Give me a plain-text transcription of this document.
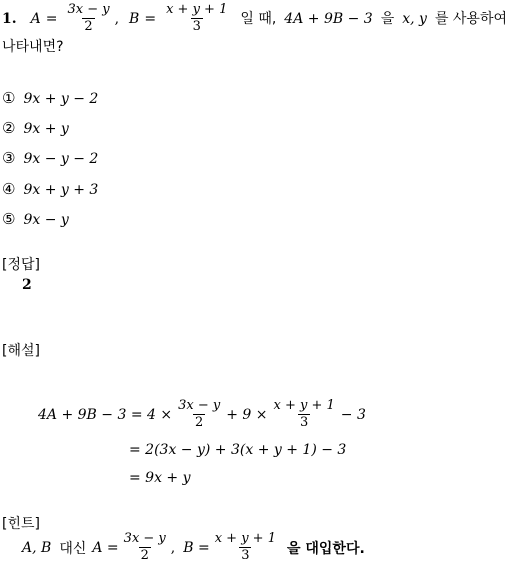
1. $A = \frac{3x - y}{2}$ , $B = \frac{x + y + 1}{3}$ 일 때, 4A + 9B − 3 을 x, y 를 사용하여
나타내면?
① 9x + y − 2
② 9x + y
③ 9x − y − 2
④ 9x + y + 3
⑤ 9x − y
[정답]
2
[해설]
$4A + 9B - 3 = 4 \times \frac{3x - y}{2} + 9 \times \frac{x + y + 1}{3} - 3$
= 2(3x − y) + 3(x + y + 1) − 3
= 9x + y
[힌트]
A, B 대신 $A = \frac{3x - y}{2}$ , $B = \frac{x + y + 1}{3}$ 을 대입한다.
